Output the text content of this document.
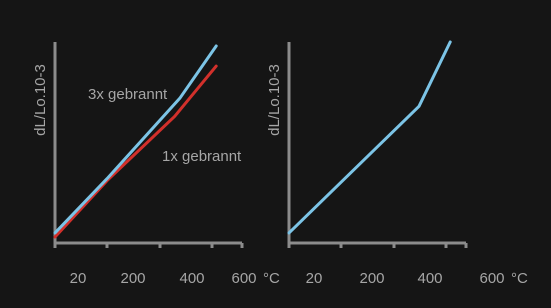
20 200 400 600 °C
dL/Lo.10-3	3x gebrannt
1x gebrannt
20 200 400 600 °C
dL/Lo.10-3
